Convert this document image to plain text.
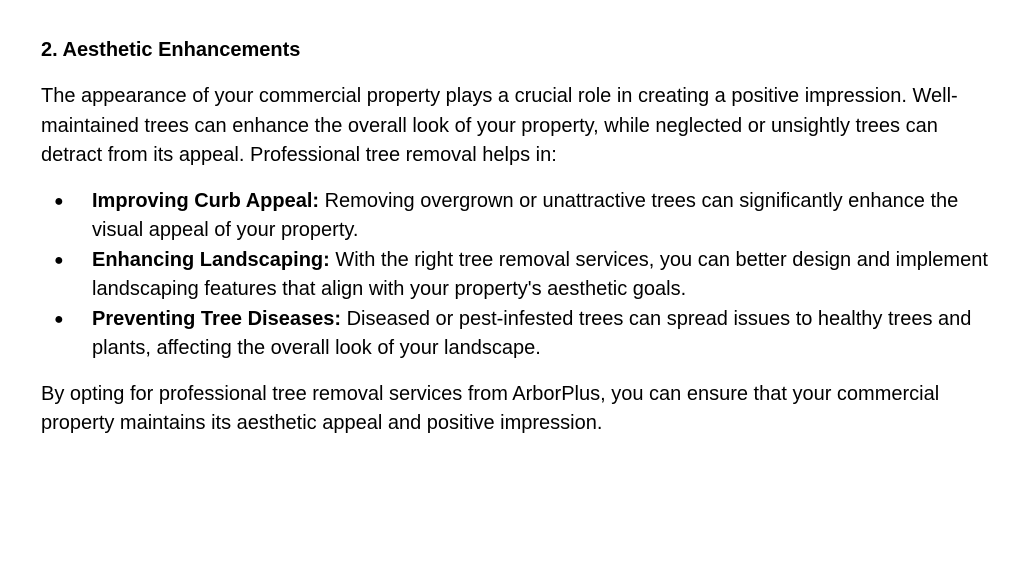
2. Aesthetic Enhancements

The appearance of your commercial property plays a crucial role in creating a positive impression. Well-maintained trees can enhance the overall look of your property, while neglected or unsightly trees can detract from its appeal. Professional tree removal helps in:

● Improving Curb Appeal: Removing overgrown or unattractive trees can significantly enhance the visual appeal of your property.
● Enhancing Landscaping: With the right tree removal services, you can better design and implement landscaping features that align with your property's aesthetic goals.
● Preventing Tree Diseases: Diseased or pest-infested trees can spread issues to healthy trees and plants, affecting the overall look of your landscape.

By opting for professional tree removal services from ArborPlus, you can ensure that your commercial property maintains its aesthetic appeal and positive impression.
